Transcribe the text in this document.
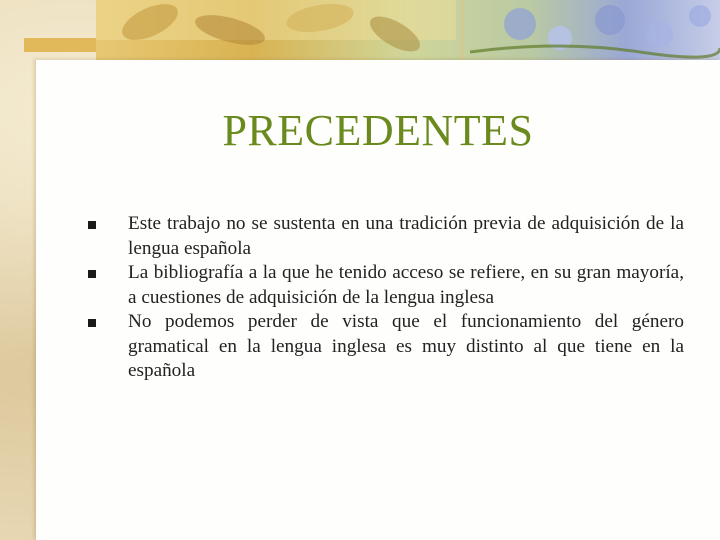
PRECEDENTES
Este trabajo no se sustenta en una tradición previa de adquisición de la lengua española
La bibliografía a la que he tenido acceso se refiere, en su gran mayoría, a cuestiones de adquisición de la lengua inglesa
No podemos perder de vista que el funcionamiento del género gramatical en la lengua inglesa es muy distinto al que tiene en la española
